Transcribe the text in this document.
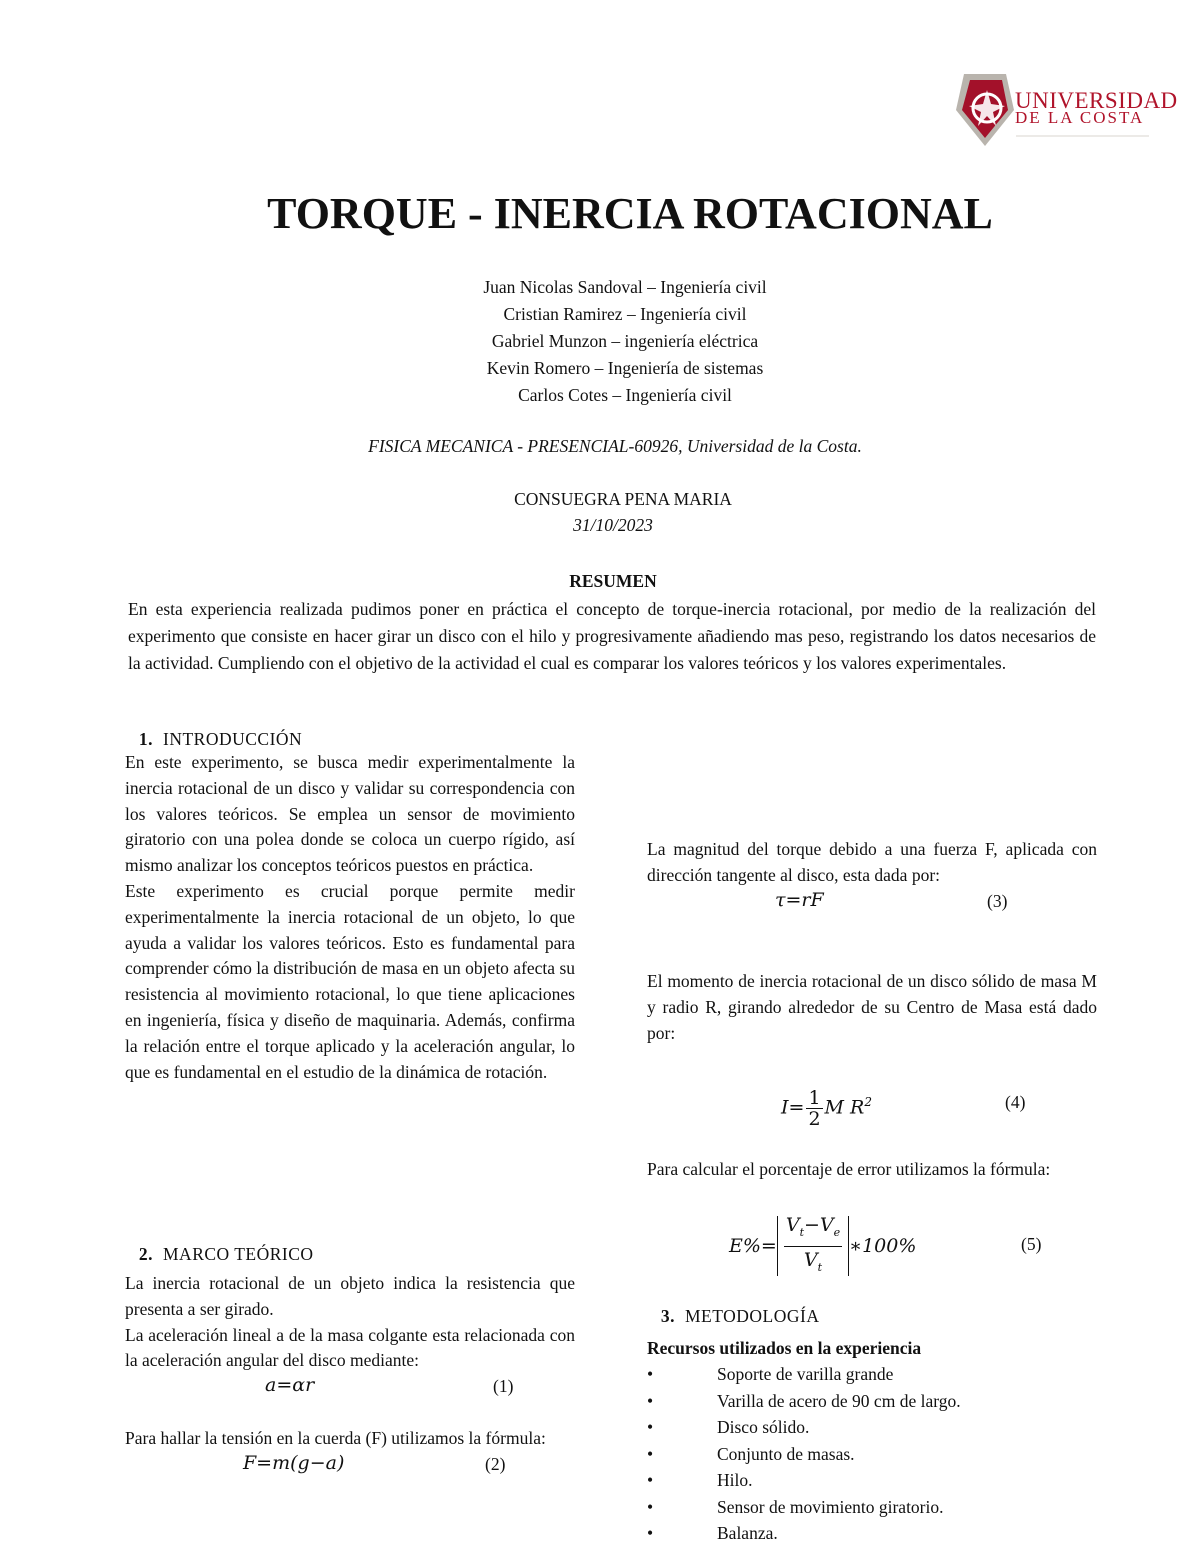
UNIVERSIDAD
DE LA COSTA
TORQUE - INERCIA ROTACIONAL
Juan Nicolas Sandoval – Ingeniería civil
Cristian Ramirez – Ingeniería civil
Gabriel Munzon – ingeniería eléctrica
Kevin Romero – Ingeniería de sistemas
Carlos Cotes – Ingeniería civil
FISICA MECANICA - PRESENCIAL-60926, Universidad de la Costa.
CONSUEGRA PENA MARIA
31/10/2023
RESUMEN
En esta experiencia realizada pudimos poner en práctica el concepto de torque-inercia rotacional, por medio de la realización del experimento que consiste en hacer girar un disco con el hilo y progresivamente añadiendo mas peso, registrando los datos necesarios de la actividad. Cumpliendo con el objetivo de la actividad el cual es comparar los valores teóricos y los valores experimentales.
1. INTRODUCCIÓN
En este experimento, se busca medir experimentalmente la inercia rotacional de un disco y validar su correspondencia con los valores teóricos. Se emplea un sensor de movimiento giratorio con una polea donde se coloca un cuerpo rígido, así mismo analizar los conceptos teóricos puestos en práctica.
Este experimento es crucial porque permite medir experimentalmente la inercia rotacional de un objeto, lo que ayuda a validar los valores teóricos. Esto es fundamental para comprender cómo la distribución de masa en un objeto afecta su resistencia al movimiento rotacional, lo que tiene aplicaciones en ingeniería, física y diseño de maquinaria. Además, confirma la relación entre el torque aplicado y la aceleración angular, lo que es fundamental en el estudio de la dinámica de rotación.
2. MARCO TEÓRICO
La inercia rotacional de un objeto indica la resistencia que presenta a ser girado.
La aceleración lineal a de la masa colgante esta relacionada con la aceleración angular del disco mediante:
a=αr	(1)
Para hallar la tensión en la cuerda (F) utilizamos la fórmula:
F=m(g−a)	(2)
La magnitud del torque debido a una fuerza F, aplicada con dirección tangente al disco, esta dada por:
τ=rF	(3)
El momento de inercia rotacional de un disco sólido de masa M y radio R, girando alrededor de su Centro de Masa está dado por:
$I= \frac{1}{2}$ M $R^2$	(4)
Para calcular el porcentaje de error utilizamos la fórmula:
$E\%= \frac{V_t-V_e}{V_t}$ ∗100%	(5)
3. METODOLOGÍA
Recursos utilizados en la experiencia
• Soporte de varilla grande
• Varilla de acero de 90 cm de largo.
• Disco sólido.
• Conjunto de masas.
• Hilo.
• Sensor de movimiento giratorio.
• Balanza.
